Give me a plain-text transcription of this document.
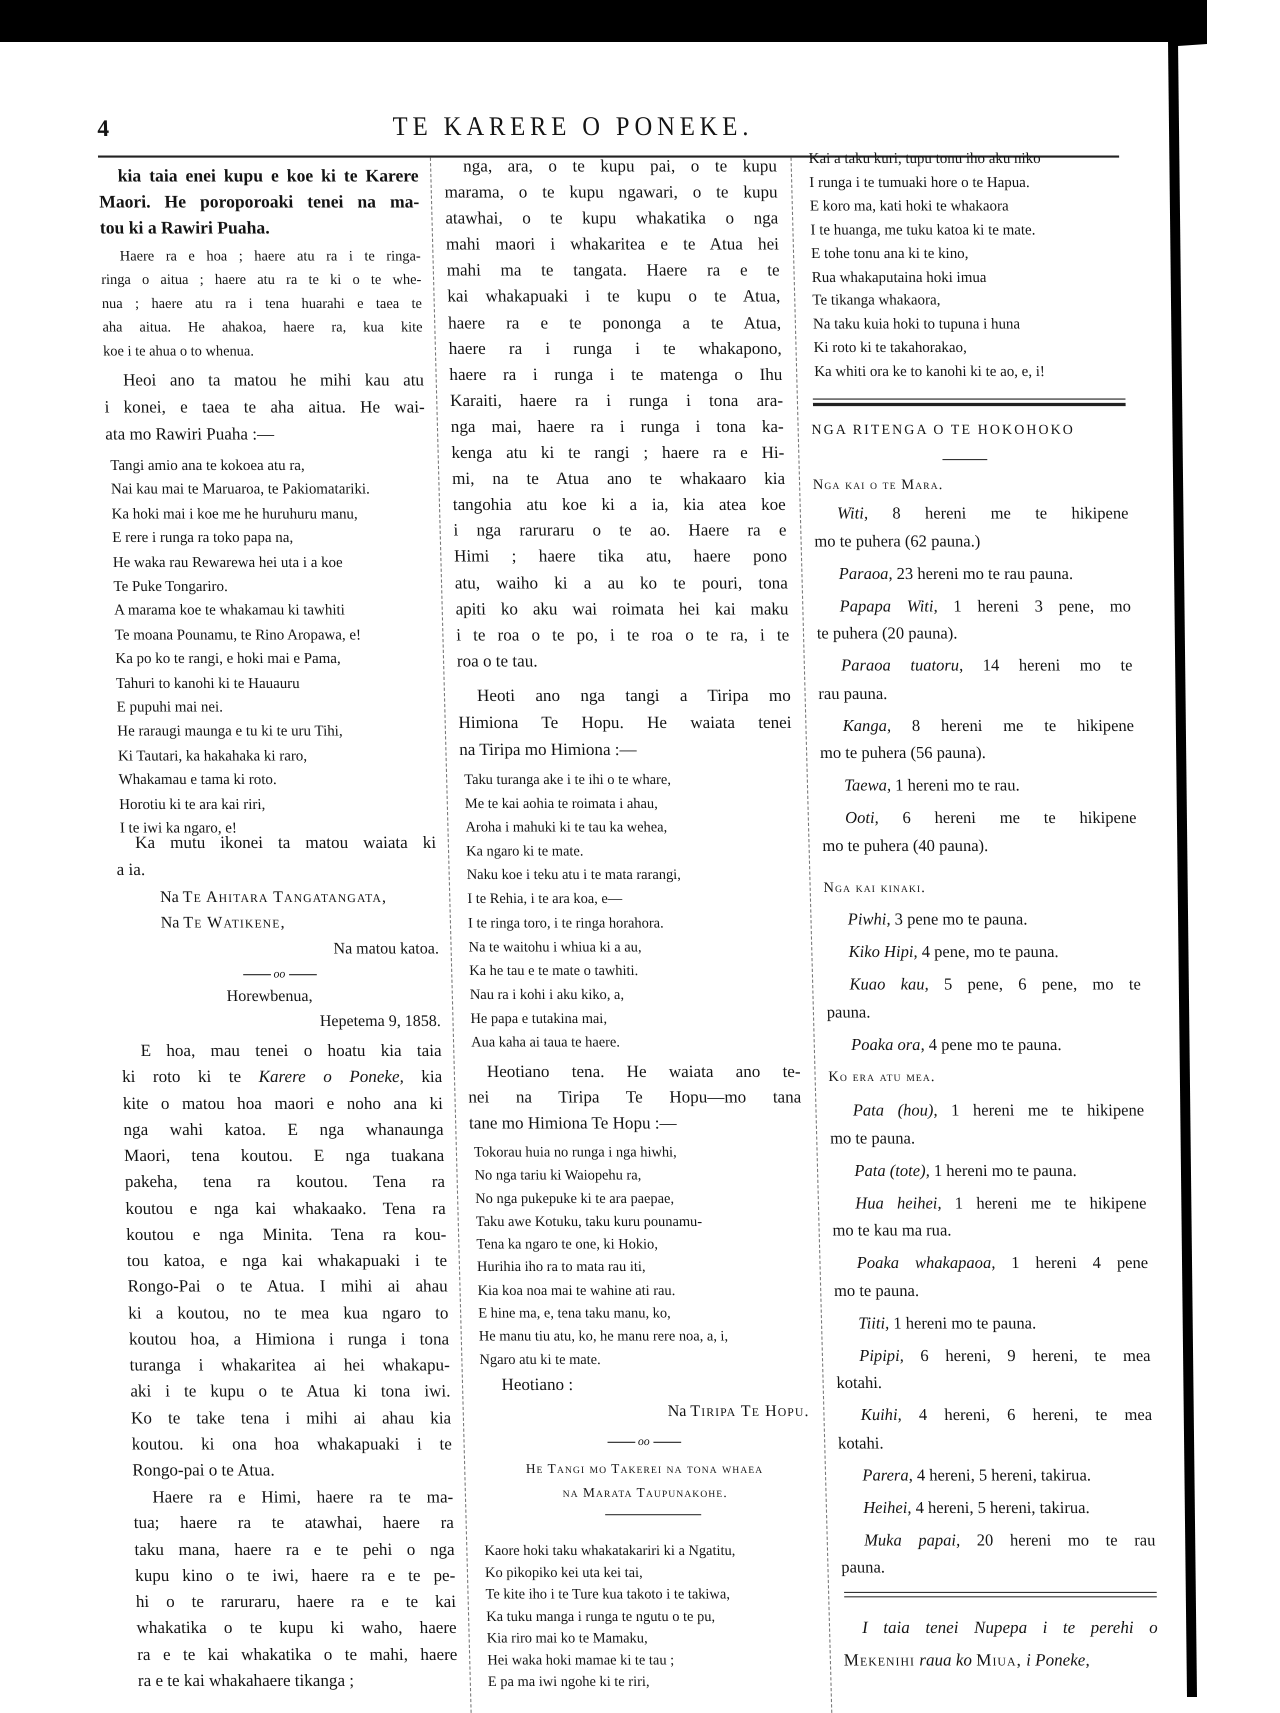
4	TE KARERE O PONEKE.
kia taia enei kupu e koe ki te Karere
Maori. He poroporoaki tenei na ma-
tou ki a Rawiri Puaha.
Haere ra e hoa ; haere atu ra i te ringa-
ringa o aitua ; haere atu ra te ki o te whe-
nua ; haere atu ra i tena huarahi e taea te
aha aitua. He ahakoa, haere ra, kua kite
koe i te ahua o to whenua.
Heoi ano ta matou he mihi kau atu
i konei, e taea te aha aitua. He wai-
ata mo Rawiri Puaha :—
Tangi amio ana te kokoea atu ra,
Nai kau mai te Maruaroa, te Pakiomatariki.
Ka hoki mai i koe me he huruhuru manu,
E rere i runga ra toko papa na,
He waka rau Rewarewa hei uta i a koe
Te Puke Tongariro.
A marama koe te whakamau ki tawhiti
Te moana Pounamu, te Rino Aropawa, e!
Ka po ko te rangi, e hoki mai e Pama,
Tahuri to kanohi ki te Hauauru
E pupuhi mai nei.
He raraugi maunga e tu ki te uru Tihi,
Ki Tautari, ka hakahaka ki raro,
Whakamau e tama ki roto.
Horotiu ki te ara kai riri,
I te iwi ka ngaro, e!
Ka mutu ikonei ta matou waiata ki
a ia.
Na Te Ahitara Tangatangata,
Na Te Watikene,
Na matou katoa.
oo
Horewbenua,
Hepetema 9, 1858.
E hoa, mau tenei o hoatu kia taia
ki roto ki te Karere o Poneke, kia
kite o matou hoa maori e noho ana ki
nga wahi katoa. E nga whanaunga
Maori, tena koutou. E nga tuakana
pakeha, tena ra koutou. Tena ra
koutou e nga kai whakaako. Tena ra
koutou e nga Minita. Tena ra kou-
tou katoa, e nga kai whakapuaki i te
Rongo-Pai o te Atua. I mihi ai ahau
ki a koutou, no te mea kua ngaro to
koutou hoa, a Himiona i runga i tona
turanga i whakaritea ai hei whakapu-
aki i te kupu o te Atua ki tona iwi.
Ko te take tena i mihi ai ahau kia
koutou. ki ona hoa whakapuaki i te
Rongo-pai o te Atua.
Haere ra e Himi, haere ra te ma-
tua; haere ra te atawhai, haere ra
taku mana, haere ra e te pehi o nga
kupu kino o te iwi, haere ra e te pe-
hi o te raruraru, haere ra e te kai
whakatika o te kupu ki waho, haere
ra e te kai whakatika o te mahi, haere
ra e te kai whakahaere tikanga ;
nga, ara, o te kupu pai, o te kupu
marama, o te kupu ngawari, o te kupu
atawhai, o te kupu whakatika o nga
mahi maori i whakaritea e te Atua hei
mahi ma te tangata. Haere ra e te
kai whakapuaki i te kupu o te Atua,
haere ra e te pononga a te Atua,
haere ra i runga i te whakapono,
haere ra i runga i te matenga o Ihu
Karaiti, haere ra i runga i tona ara-
nga mai, haere ra i runga i tona ka-
kenga atu ki te rangi ; haere ra e Hi-
mi, na te Atua ano te whakaaro kia
tangohia atu koe ki a ia, kia atea koe
i nga raruraru o te ao. Haere ra e
Himi ; haere tika atu, haere pono
atu, waiho ki a au ko te pouri, tona
apiti ko aku wai roimata hei kai maku
i te roa o te po, i te roa o te ra, i te
roa o te tau.
Heoti ano nga tangi a Tiripa mo
Himiona Te Hopu. He waiata tenei
na Tiripa mo Himiona :—
Taku turanga ake i te ihi o te whare,
Me te kai aohia te roimata i ahau,
Aroha i mahuki ki te tau ka wehea,
Ka ngaro ki te mate.
Naku koe i teku atu i te mata rarangi,
I te Rehia, i te ara koa, e—
I te ringa toro, i te ringa horahora.
Na te waitohu i whiua ki a au,
Ka he tau e te mate o tawhiti.
Nau ra i kohi i aku kiko, a,
He papa e tutakina mai,
Aua kaha ai taua te haere.
Heotiano tena. He waiata ano te-
nei na Tiripa Te Hopu—mo tana
tane mo Himiona Te Hopu :—
Tokorau huia no runga i nga hiwhi,
No nga tariu ki Waiopehu ra,
No nga pukepuke ki te ara paepae,
Taku awe Kotuku, taku kuru pounamu-
Tena ka ngaro te one, ki Hokio,
Hurihia iho ra to mata rau iti,
Kia koa noa mai te wahine ati rau.
E hine ma, e, tena taku manu, ko,
He manu tiu atu, ko, he manu rere noa, a, i,
Ngaro atu ki te mate.
Heotiano :
Na Tiripa Te Hopu.
oo
He Tangi mo Takerei na tona whaea
na Marata Taupunakohe.
Kaore hoki taku whakatakariri ki a Ngatitu,
Ko pikopiko kei uta kei tai,
Te kite iho i te Ture kua takoto i te takiwa,
Ka tuku manga i runga te ngutu o te pu,
Kia riro mai ko te Mamaku,
Hei waka hoki mamae ki te tau ;
E pa ma iwi ngohe ki te riri,
Kai a taku kuri, tupu tonu iho aku niko
I runga i te tumuaki hore o te Hapua.
E koro ma, kati hoki te whakaora
I te huanga, me tuku katoa ki te mate.
E tohe tonu ana ki te kino,
Rua whakaputaina hoki imua
Te tikanga whakaora,
Na taku kuia hoki to tupuna i huna
Ki roto ki te takahorakao,
Ka whiti ora ke to kanohi ki te ao, e, i!
NGA RITENGA O TE HOKOHOKO
Nga kai o te Mara.
Witi, 8 hereni me te hikipene
mo te puhera (62 pauna.)
Paraoa, 23 hereni mo te rau pauna.
Papapa Witi, 1 hereni 3 pene, mo
te puhera (20 pauna).
Paraoa tuatoru, 14 hereni mo te
rau pauna.
Kanga, 8 hereni me te hikipene
mo te puhera (56 pauna).
Taewa, 1 hereni mo te rau.
Ooti, 6 hereni me te hikipene
mo te puhera (40 pauna).
Nga kai kinaki.
Piwhi, 3 pene mo te pauna.
Kiko Hipi, 4 pene, mo te pauna.
Kuao kau, 5 pene, 6 pene, mo te
pauna.
Poaka ora, 4 pene mo te pauna.
Ko era atu mea.
Pata (hou), 1 hereni me te hikipene
mo te pauna.
Pata (tote), 1 hereni mo te pauna.
Hua heihei, 1 hereni me te hikipene
mo te kau ma rua.
Poaka whakapaoa, 1 hereni 4 pene
mo te pauna.
Tiiti, 1 hereni mo te pauna.
Pipipi, 6 hereni, 9 hereni, te mea
kotahi.
Kuihi, 4 hereni, 6 hereni, te mea
kotahi.
Parera, 4 hereni, 5 hereni, takirua.
Heihei, 4 hereni, 5 hereni, takirua.
Muka papai, 20 hereni mo te rau
pauna.
I taia tenei Nupepa i te perehi o
Mekenihi raua ko Miua, i Poneke,
